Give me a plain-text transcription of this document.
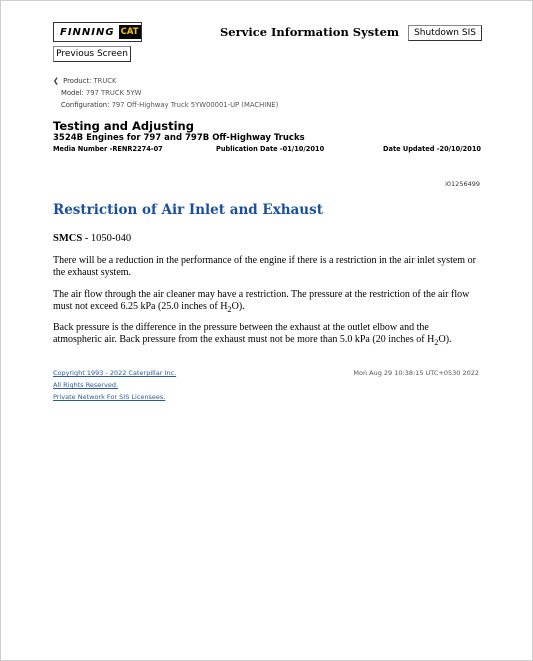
FINNING CAT	Service Information System	Shutdown SIS
Previous Screen
❮ Product: TRUCK
Model: 797 TRUCK 5YW
Configuration: 797 Off-Highway Truck 5YW00001-UP (MACHINE)
Testing and Adjusting
3524B Engines for 797 and 797B Off-Highway Trucks
Media Number -RENR2274-07	Publication Date -01/10/2010	Date Updated -20/10/2010
i01256499
Restriction of Air Inlet and Exhaust
SMCS - 1050-040
There will be a reduction in the performance of the engine if there is a restriction in the air inlet system or the exhaust system.
The air flow through the air cleaner may have a restriction. The pressure at the restriction of the air flow must not exceed 6.25 kPa (25.0 inches of $H_2O$).
Back pressure is the difference in the pressure between the exhaust at the outlet elbow and the atmospheric air. Back pressure from the exhaust must not be more than 5.0 kPa (20 inches of $H_2O$).
Copyright 1993 - 2022 Caterpillar Inc.
All Rights Reserved.
Private Network For SIS Licensees.
Mon Aug 29 10:38:15 UTC+0530 2022
